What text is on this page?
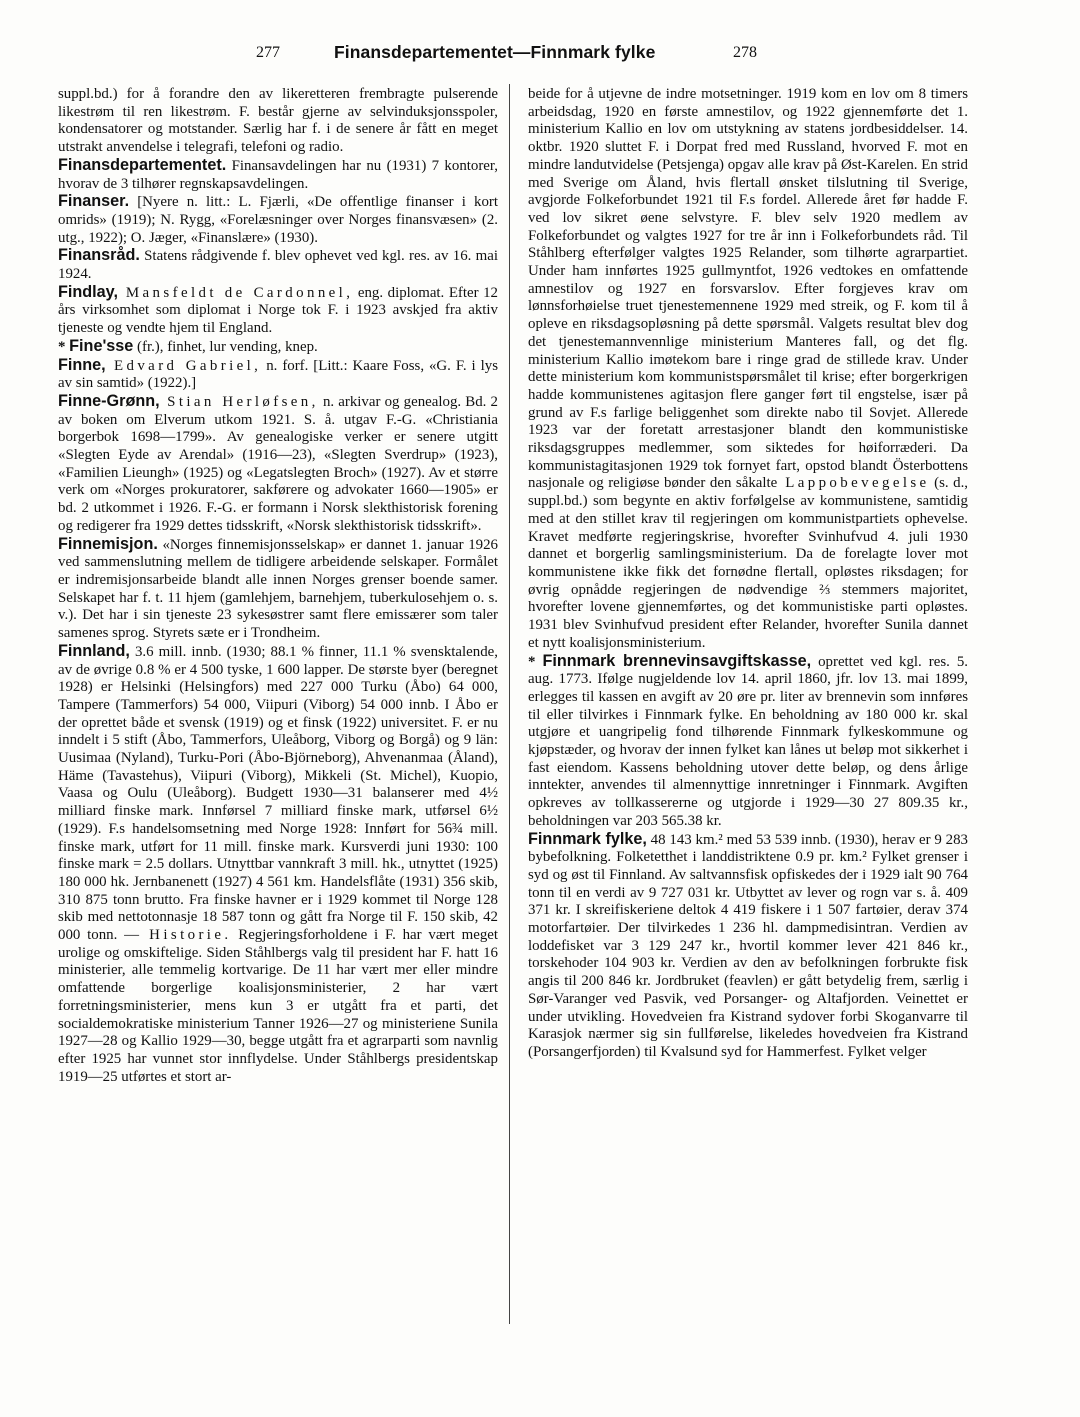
277	Finansdepartementet—Finnmark fylke	278

suppl.bd.) for å forandre den av likeretteren frembragte pulserende likestrøm til ren likestrøm. F. består gjerne av selvinduksjonsspoler, kondensatorer og motstander. Særlig har f. i de senere år fått en meget utstrakt anvendelse i telegrafi, telefoni og radio.

Finansdepartementet. Finansavdelingen har nu (1931) 7 kontorer, hvorav de 3 tilhører regnskapsavdelingen.

Finanser. [Nyere n. litt.: L. Fjærli, «De offentlige finanser i kort omrids» (1919); N. Rygg, «Forelæsninger over Norges finansvæsen» (2. utg., 1922); O. Jæger, «Finanslære» (1930).

Finansråd. Statens rådgivende f. blev ophevet ved kgl. res. av 16. mai 1924.

Findlay, Mansfeldt de Cardonnel, eng. diplomat. Efter 12 års virksomhet som diplomat i Norge tok F. i 1923 avskjed fra aktiv tjeneste og vendte hjem til England.

* Fine'sse (fr.), finhet, lur vending, knep.

Finne, Edvard Gabriel, n. forf. [Litt.: Kaare Foss, «G. F. i lys av sin samtid» (1922).]

Finne-Grønn, Stian Herløfsen, n. arkivar og genealog. Bd. 2 av boken om Elverum utkom 1921. S. å. utgav F.-G. «Christiania borgerbok 1698—1799». Av genealogiske verker er senere utgitt «Slegten Eyde av Arendal» (1916—23), «Slegten Sverdrup» (1923), «Familien Lieungh» (1925) og «Legatslegten Broch» (1927). Av et større verk om «Norges prokuratorer, sakførere og advokater 1660—1905» er bd. 2 utkommet i 1926. F.-G. er formann i Norsk slekthistorisk forening og redigerer fra 1929 dettes tidsskrift, «Norsk slekthistorisk tidsskrift».

Finnemisjon. «Norges finnemisjonsselskap» er dannet 1. januar 1926 ved sammenslutning mellem de tidligere arbeidende selskaper. Formålet er indremisjonsarbeide blandt alle innen Norges grenser boende samer. Selskapet har f. t. 11 hjem (gamlehjem, barnehjem, tuberkulosehjem o. s. v.). Det har i sin tjeneste 23 sykesøstrer samt flere emissærer som taler samenes sprog. Styrets sæte er i Trondheim.

Finnland, 3.6 mill. innb. (1930; 88.1 % finner, 11.1 % svensktalende, av de øvrige 0.8 % er 4 500 tyske, 1 600 lapper. De største byer (beregnet 1928) er Helsinki (Helsingfors) med 227 000 Turku (Åbo) 64 000, Tampere (Tammerfors) 54 000, Viipuri (Viborg) 54 000 innb. I Åbo er der oprettet både et svensk (1919) og et finsk (1922) universitet. F. er nu inndelt i 5 stift (Åbo, Tammerfors, Uleåborg, Viborg og Borgå) og 9 län: Uusimaa (Nyland), Turku-Pori (Åbo-Björneborg), Ahvenanmaa (Åland), Häme (Tavastehus), Viipuri (Viborg), Mikkeli (St. Michel), Kuopio, Vaasa og Oulu (Uleåborg). Budgett 1930—31 balanserer med 4½ milliard finske mark. Innførsel 7 milliard finske mark, utførsel 6½ (1929). F.s handelsomsetning med Norge 1928: Innført for 56¾ mill. finske mark, utført for 11 mill. finske mark. Kursverdi juni 1930: 100 finske mark = 2.5 dollars. Utnyttbar vannkraft 3 mill. hk., utnyttet (1925) 180 000 hk. Jernbanenett (1927) 4 561 km. Handelsflåte (1931) 356 skib, 310 875 tonn brutto. Fra finske havner er i 1929 kommet til Norge 128 skib med nettotonnasje 18 587 tonn og gått fra Norge til F. 150 skib, 42 000 tonn. — Historie. Regjeringsforholdene i F. har vært meget urolige og omskiftelige. Siden Ståhlbergs valg til president har F. hatt 16 ministerier, alle temmelig kortvarige. De 11 har vært mer eller mindre omfattende borgerlige koalisjonsministerier, 2 har vært forretningsministerier, mens kun 3 er utgått fra et parti, det socialdemokratiske ministerium Tanner 1926—27 og ministeriene Sunila 1927—28 og Kallio 1929—30, begge utgått fra et agrarparti som navnlig efter 1925 har vunnet stor innflydelse. Under Ståhlbergs presidentskap 1919—25 utførtes et stort ar-

beide for å utjevne de indre motsetninger. 1919 kom en lov om 8 timers arbeidsdag, 1920 en første amnestilov, og 1922 gjennemførte det 1. ministerium Kallio en lov om utstykning av statens jordbesiddelser. 14. oktbr. 1920 sluttet F. i Dorpat fred med Russland, hvorved F. mot en mindre landutvidelse (Petsjenga) opgav alle krav på Øst-Karelen. En strid med Sverige om Åland, hvis flertall ønsket tilslutning til Sverige, avgjorde Folkeforbundet 1921 til F.s fordel. Allerede året før hadde F. ved lov sikret øene selvstyre. F. blev selv 1920 medlem av Folkeforbundet og valgtes 1927 for tre år inn i Folkeforbundets råd. Til Ståhlberg efterfølger valgtes 1925 Relander, som tilhørte agrarpartiet. Under ham innførtes 1925 gullmyntfot, 1926 vedtokes en omfattende amnestilov og 1927 en forsvarslov. Efter forgjeves krav om lønnsforhøielse truet tjenestemennene 1929 med streik, og F. kom til å opleve en riksdagsopløsning på dette spørsmål. Valgets resultat blev dog det tjenestemannvennlige ministerium Manteres fall, og det flg. ministerium Kallio imøtekom bare i ringe grad de stillede krav. Under dette ministerium kom kommunistspørsmålet til krise; efter borgerkrigen hadde kommunistenes agitasjon flere ganger ført til engstelse, især på grund av F.s farlige beliggenhet som direkte nabo til Sovjet. Allerede 1923 var der foretatt arrestasjoner blandt den kommunistiske riksdagsgruppes medlemmer, som siktedes for høiforræderi. Da kommunistagitasjonen 1929 tok fornyet fart, opstod blandt Österbottens nasjonale og religiøse bønder den såkalte Lappobevegelse (s. d., suppl.bd.) som begynte en aktiv forfølgelse av kommunistene, samtidig med at den stillet krav til regjeringen om kommunistpartiets ophevelse. Kravet medførte regjeringskrise, hvorefter Svinhufvud 4. juli 1930 dannet et borgerlig samlingsministerium. Da de forelagte lover mot kommunistene ikke fikk det fornødne flertall, opløstes riksdagen; for øvrig opnådde regjeringen de nødvendige ⅔ stemmers majoritet, hvorefter lovene gjennemførtes, og det kommunistiske parti opløstes. 1931 blev Svinhufvud president efter Relander, hvorefter Sunila dannet et nytt koalisjonsministerium.

* Finnmark brennevinsavgiftskasse, oprettet ved kgl. res. 5. aug. 1773. Ifølge nugjeldende lov 14. april 1860, jfr. lov 13. mai 1899, erlegges til kassen en avgift av 20 øre pr. liter av brennevin som innføres til eller tilvirkes i Finnmark fylke. En beholdning av 180 000 kr. skal utgjøre et uangripelig fond tilhørende Finnmark fylkeskommune og kjøpstæder, og hvorav der innen fylket kan lånes ut beløp mot sikkerhet i fast eiendom. Kassens beholdning utover dette beløp, og dens årlige inntekter, anvendes til almennyttige innretninger i Finnmark. Avgiften opkreves av tollkassererne og utgjorde i 1929—30 27 809.35 kr., beholdningen var 203 565.38 kr.

Finnmark fylke, 48 143 km.² med 53 539 innb. (1930), herav er 9 283 bybefolkning. Folketetthet i landdistriktene 0.9 pr. km.² Fylket grenser i syd og øst til Finnland. Av saltvannsfisk opfiskedes der i 1929 ialt 90 764 tonn til en verdi av 9 727 031 kr. Utbyttet av lever og rogn var s. å. 409 371 kr. I skreifiskeriene deltok 4 419 fiskere i 1 507 fartøier, derav 374 motorfartøier. Der tilvirkedes 1 236 hl. dampmedisintran. Verdien av loddefisket var 3 129 247 kr., hvortil kommer lever 421 846 kr., torskehoder 104 903 kr. Verdien av den av befolkningen forbrukte fisk angis til 200 846 kr. Jordbruket (feavlen) er gått betydelig frem, særlig i Sør-Varanger ved Pasvik, ved Porsanger- og Altafjorden. Veinettet er under utvikling. Hovedveien fra Kistrand sydover forbi Skoganvarre til Karasjok nærmer sig sin fullførelse, likeledes hovedveien fra Kistrand (Porsangerfjorden) til Kvalsund syd for Hammerfest. Fylket velger
